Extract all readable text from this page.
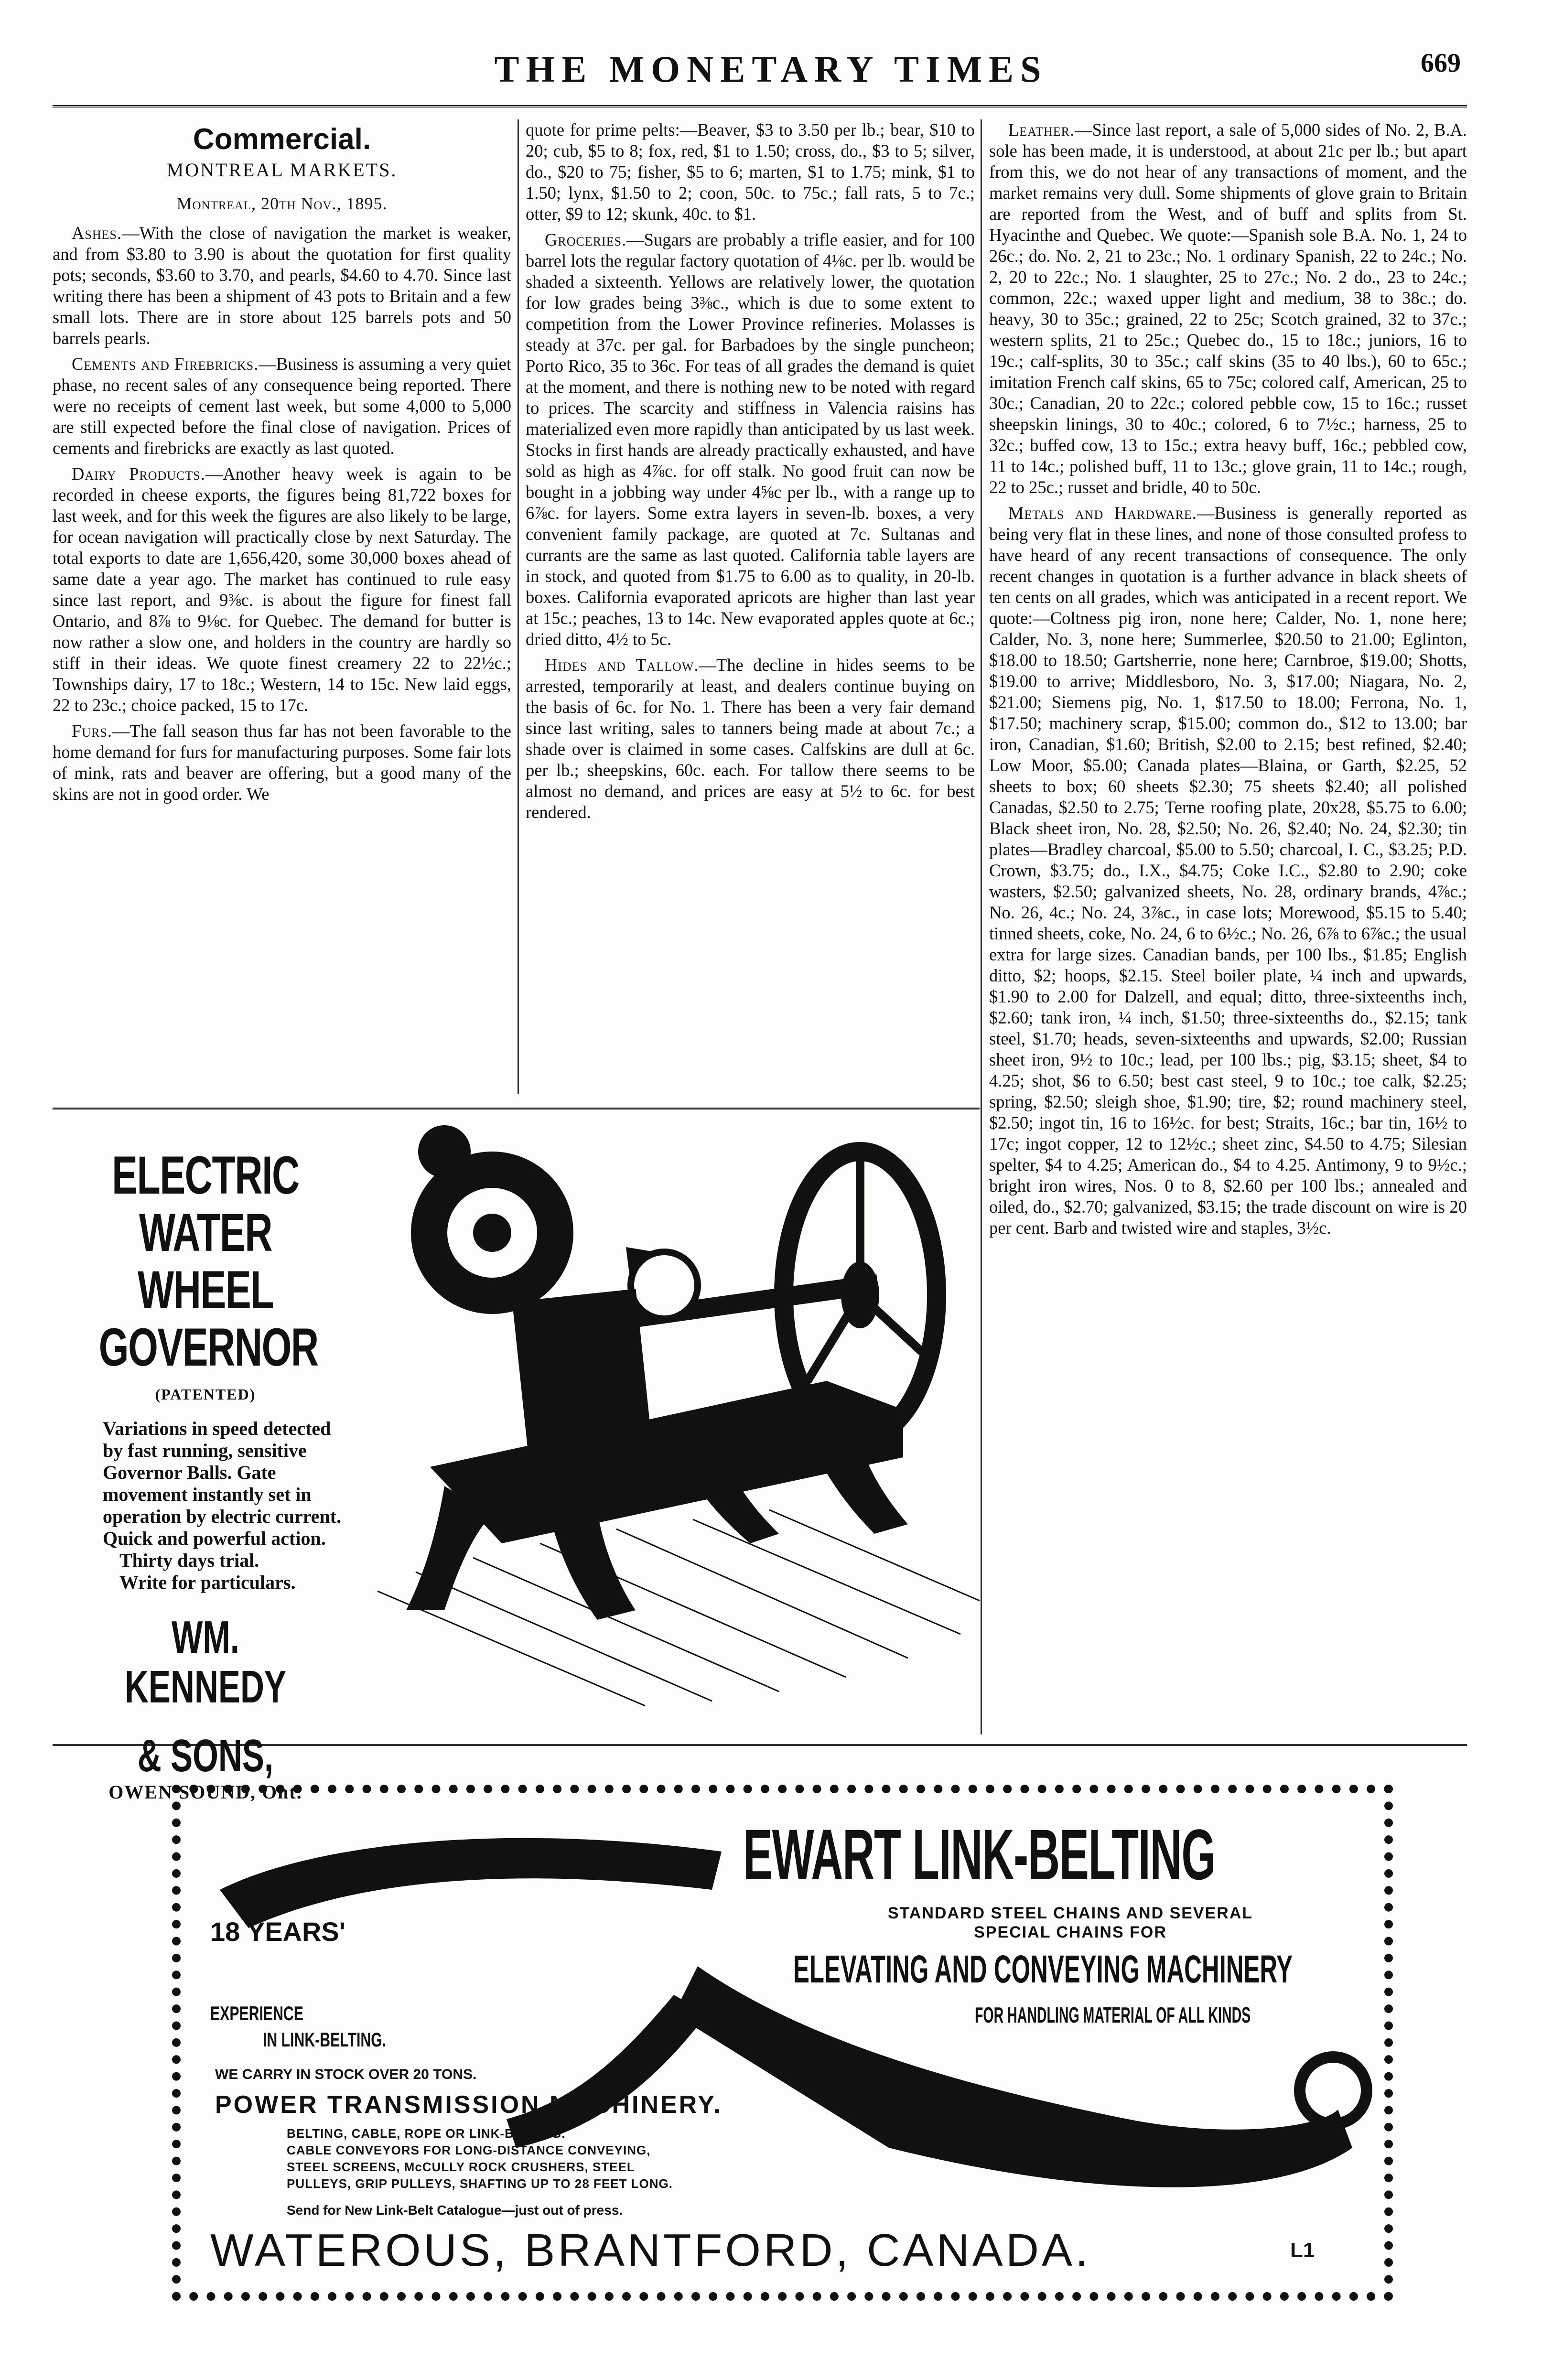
THE MONETARY TIMES	669
Commercial.
MONTREAL MARKETS.
Montreal, 20th Nov., 1895.

Ashes.—With the close of navigation the market is weaker, and from $3.80 to 3.90 is about the quotation for first quality pots; seconds, $3.60 to 3.70, and pearls, $4.60 to 4.70. Since last writing there has been a shipment of 43 pots to Britain and a few small lots. There are in store about 125 barrels pots and 50 barrels pearls.

Cements and Firebricks.—Business is assuming a very quiet phase, no recent sales of any consequence being reported. There were no receipts of cement last week, but some 4,000 to 5,000 are still expected before the final close of navigation. Prices of cements and firebricks are exactly as last quoted.

Dairy Products.—Another heavy week is again to be recorded in cheese exports, the figures being 81,722 boxes for last week, and for this week the figures are also likely to be large, for ocean navigation will practically close by next Saturday. The total exports to date are 1,656,420, some 30,000 boxes ahead of same date a year ago. The market has continued to rule easy since last report, and 9⅜c. is about the figure for finest fall Ontario, and 8⅞ to 9⅛c. for Quebec. The demand for butter is now rather a slow one, and holders in the country are hardly so stiff in their ideas. We quote finest creamery 22 to 22½c.; Townships dairy, 17 to 18c.; Western, 14 to 15c. New laid eggs, 22 to 23c.; choice packed, 15 to 17c.

Furs.—The fall season thus far has not been favorable to the home demand for furs for manufacturing purposes. Some fair lots of mink, rats and beaver are offering, but a good many of the skins are not in good order. We

quote for prime pelts:—Beaver, $3 to 3.50 per lb.; bear, $10 to 20; cub, $5 to 8; fox, red, $1 to 1.50; cross, do., $3 to 5; silver, do., $20 to 75; fisher, $5 to 6; marten, $1 to 1.75; mink, $1 to 1.50; lynx, $1.50 to 2; coon, 50c. to 75c.; fall rats, 5 to 7c.; otter, $9 to 12; skunk, 40c. to $1.

Groceries.—Sugars are probably a trifle easier, and for 100 barrel lots the regular factory quotation of 4⅛c. per lb. would be shaded a sixteenth. Yellows are relatively lower, the quotation for low grades being 3⅜c., which is due to some extent to competition from the Lower Province refineries. Molasses is steady at 37c. per gal. for Barbadoes by the single puncheon; Porto Rico, 35 to 36c. For teas of all grades the demand is quiet at the moment, and there is nothing new to be noted with regard to prices. The scarcity and stiffness in Valencia raisins has materialized even more rapidly than anticipated by us last week. Stocks in first hands are already practically exhausted, and have sold as high as 4⅞c. for off stalk. No good fruit can now be bought in a jobbing way under 4⅝c per lb., with a range up to 6⅞c. for layers. Some extra layers in seven-lb. boxes, a very convenient family package, are quoted at 7c. Sultanas and currants are the same as last quoted. California table layers are in stock, and quoted from $1.75 to 6.00 as to quality, in 20-lb. boxes. California evaporated apricots are higher than last year at 15c.; peaches, 13 to 14c. New evaporated apples quote at 6c.; dried ditto, 4½ to 5c.

Hides and Tallow.—The decline in hides seems to be arrested, temporarily at least, and dealers continue buying on the basis of 6c. for No. 1. There has been a very fair demand since last writing, sales to tanners being made at about 7c.; a shade over is claimed in some cases. Calfskins are dull at 6c. per lb.; sheepskins, 60c. each. For tallow there seems to be almost no demand, and prices are easy at 5½ to 6c. for best rendered.

Leather.—Since last report, a sale of 5,000 sides of No. 2, B.A. sole has been made, it is understood, at about 21c per lb.; but apart from this, we do not hear of any transactions of moment, and the market remains very dull. Some shipments of glove grain to Britain are reported from the West, and of buff and splits from St. Hyacinthe and Quebec. We quote:—Spanish sole B.A. No. 1, 24 to 26c.; do. No. 2, 21 to 23c.; No. 1 ordinary Spanish, 22 to 24c.; No. 2, 20 to 22c.; No. 1 slaughter, 25 to 27c.; No. 2 do., 23 to 24c.; common, 22c.; waxed upper light and medium, 38 to 38c.; do. heavy, 30 to 35c.; grained, 22 to 25c; Scotch grained, 32 to 37c.; western splits, 21 to 25c.; Quebec do., 15 to 18c.; juniors, 16 to 19c.; calf-splits, 30 to 35c.; calf skins (35 to 40 lbs.), 60 to 65c.; imitation French calf skins, 65 to 75c; colored calf, American, 25 to 30c.; Canadian, 20 to 22c.; colored pebble cow, 15 to 16c.; russet sheepskin linings, 30 to 40c.; colored, 6 to 7½c.; harness, 25 to 32c.; buffed cow, 13 to 15c.; extra heavy buff, 16c.; pebbled cow, 11 to 14c.; polished buff, 11 to 13c.; glove grain, 11 to 14c.; rough, 22 to 25c.; russet and bridle, 40 to 50c.

Metals and Hardware.—Business is generally reported as being very flat in these lines, and none of those consulted profess to have heard of any recent transactions of consequence. The only recent changes in quotation is a further advance in black sheets of ten cents on all grades, which was anticipated in a recent report. We quote:—Coltness pig iron, none here; Calder, No. 1, none here; Calder, No. 3, none here; Summerlee, $20.50 to 21.00; Eglinton, $18.00 to 18.50; Gartsherrie, none here; Carnbroe, $19.00; Shotts, $19.00 to arrive; Middlesboro, No. 3, $17.00; Niagara, No. 2, $21.00; Siemens pig, No. 1, $17.50 to 18.00; Ferrona, No. 1, $17.50; machinery scrap, $15.00; common do., $12 to 13.00; bar iron, Canadian, $1.60; British, $2.00 to 2.15; best refined, $2.40; Low Moor, $5.00; Canada plates—Blaina, or Garth, $2.25, 52 sheets to box; 60 sheets $2.30; 75 sheets $2.40; all polished Canadas, $2.50 to 2.75; Terne roofing plate, 20x28, $5.75 to 6.00; Black sheet iron, No. 28, $2.50; No. 26, $2.40; No. 24, $2.30; tin plates—Bradley charcoal, $5.00 to 5.50; charcoal, I. C., $3.25; P.D. Crown, $3.75; do., I.X., $4.75; Coke I.C., $2.80 to 2.90; coke wasters, $2.50; galvanized sheets, No. 28, ordinary brands, 4⅞c.; No. 26, 4c.; No. 24, 3⅞c., in case lots; Morewood, $5.15 to 5.40; tinned sheets, coke, No. 24, 6 to 6½c.; No. 26, 6⅞ to 6⅞c.; the usual extra for large sizes. Canadian bands, per 100 lbs., $1.85; English ditto, $2; hoops, $2.15. Steel boiler plate, ¼ inch and upwards, $1.90 to 2.00 for Dalzell, and equal; ditto, three-sixteenths inch, $2.60; tank iron, ¼ inch, $1.50; three-sixteenths do., $2.15; tank steel, $1.70; heads, seven-sixteenths and upwards, $2.00; Russian sheet iron, 9½ to 10c.; lead, per 100 lbs.; pig, $3.15; sheet, $4 to 4.25; shot, $6 to 6.50; best cast steel, 9 to 10c.; toe calk, $2.25; spring, $2.50; sleigh shoe, $1.90; tire, $2; round machinery steel, $2.50; ingot tin, 16 to 16½c. for best; Straits, 16c.; bar tin, 16½ to 17c; ingot copper, 12 to 12½c.; sheet zinc, $4.50 to 4.75; Silesian spelter, $4 to 4.25; American do., $4 to 4.25. Antimony, 9 to 9½c.; bright iron wires, Nos. 0 to 8, $2.60 per 100 lbs.; annealed and oiled, do., $2.70; galvanized, $3.15; the trade discount on wire is 20 per cent. Barb and twisted wire and staples, 3½c.

ELECTRIC
WATER WHEEL
GOVERNOR
(PATENTED)
Variations in speed detected by fast running, sensitive Governor Balls. Gate movement instantly set in operation by electric current. Quick and powerful action.
Thirty days trial.
Write for particulars.
WM. KENNEDY
& SONS,
OWEN SOUND, Ont.
EWART LINK-BELTING
STANDARD STEEL CHAINS AND SEVERAL
SPECIAL CHAINS FOR
ELEVATING AND CONVEYING MACHINERY
FOR HANDLING MATERIAL OF ALL KINDS
18 YEARS'
EXPERIENCE
IN LINK-BELTING.
WE CARRY IN STOCK OVER 20 TONS.
POWER TRANSMISSION MACHINERY.
BELTING, CABLE, ROPE OR LINK-BELTING.
CABLE CONVEYORS FOR LONG-DISTANCE CONVEYING,
STEEL SCREENS, McCULLY ROCK CRUSHERS, STEEL
PULLEYS, GRIP PULLEYS, SHAFTING UP TO 28 FEET LONG.
Send for New Link-Belt Catalogue—just out of press.
WATEROUS, BRANTFORD, CANADA.	L1
